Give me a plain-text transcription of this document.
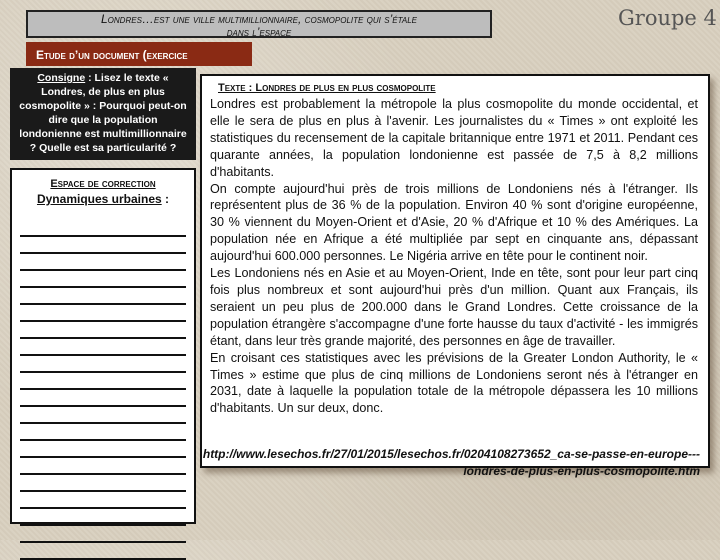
Londres…est une ville multimillionnaire, cosmopolite qui s’étale
dans l’espace
Groupe 4
Etude d’un document (exercice
Consigne : Lisez le texte « Londres, de plus en plus cosmopolite » : Pourquoi peut-on dire que la population londonienne est multimillionnaire ? Quelle est sa particularité ?
Espace de correction
Dynamiques urbaines :
Texte : Londres de plus en plus cosmopolite

Londres est probablement la métropole la plus cosmopolite du monde occidental, et elle le sera de plus en plus à l'avenir. Les journalistes du « Times » ont exploité les statistiques du recensement de la capitale britannique entre 1971 et 2011. Pendant ces quarante années, la population londonienne est passée de 7,5 à 8,2 millions d'habitants.

On compte aujourd'hui près de trois millions de Londoniens nés à l'étranger. Ils représentent plus de 36 % de la population. Environ 40 % sont d'origine européenne, 30 % viennent du Moyen-Orient et d'Asie, 20 % d'Afrique et 10 % des Amériques. La population née en Afrique a été multipliée par sept en cinquante ans, dépassant aujourd'hui 600.000 personnes. Le Nigéria arrive en tête pour le continent noir.

Les Londoniens nés en Asie et au Moyen-Orient, Inde en tête, sont pour leur part cinq fois plus nombreux et sont aujourd'hui près d'un million. Quant aux Français, ils seraient un peu plus de 200.000 dans le Grand Londres. Cette croissance de la population étrangère s'accompagne d'une forte hausse du taux d'activité - les immigrés étant, dans leur très grande majorité, des personnes en âge de travailler.

En croisant ces statistiques avec les prévisions de la Greater London Authority, le « Times » estime que plus de cinq millions de Londoniens seront nés à l'étranger en 2031, date à laquelle la population totale de la métropole dépassera les 10 millions d'habitants. Un sur deux, donc.

http://www.lesechos.fr/27/01/2015/lesechos.fr/0204108273652_ca-se-passe-en-europe---londres-de-plus-en-plus-cosmopolite.htm
